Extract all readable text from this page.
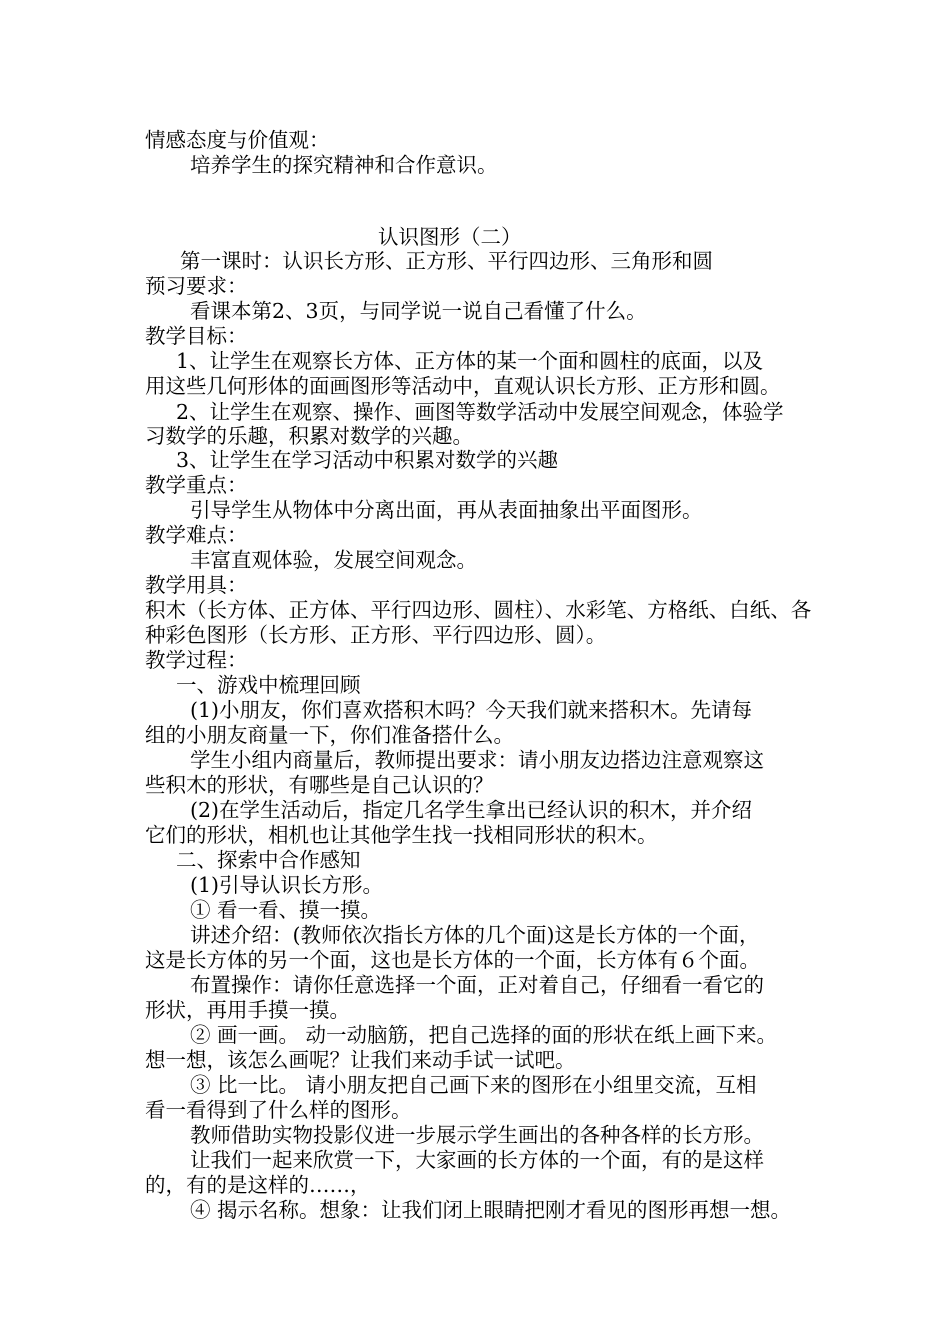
情感态度与价值观：
培养学生的探究精神和合作意识。
认识图形（二）
第一课时：认识长方形、正方形、平行四边形、三角形和圆
预习要求：
看课本第2、3页，与同学说一说自己看懂了什么。
教学目标：
1、让学生在观察长方体、正方体的某一个面和圆柱的底面，以及
用这些几何形体的面画图形等活动中，直观认识长方形、正方形和圆。
2、让学生在观察、操作、画图等数学活动中发展空间观念，体验学
习数学的乐趣，积累对数学的兴趣。
3、让学生在学习活动中积累对数学的兴趣
教学重点：
引导学生从物体中分离出面，再从表面抽象出平面图形。
教学难点：
丰富直观体验，发展空间观念。
教学用具：
积木（长方体、正方体、平行四边形、圆柱）、水彩笔、方格纸、白纸、各
种彩色图形（长方形、正方形、平行四边形、圆）。
教学过程：
一、游戏中梳理回顾
(1)小朋友，你们喜欢搭积木吗？今天我们就来搭积木。先请每
组的小朋友商量一下，你们准备搭什么。
学生小组内商量后，教师提出要求：请小朋友边搭边注意观察这
些积木的形状，有哪些是自己认识的？
(2)在学生活动后，指定几名学生拿出已经认识的积木，并介绍
它们的形状，相机也让其他学生找一找相同形状的积木。
二、探索中合作感知
(1)引导认识长方形。
① 看一看、摸一摸。
讲述介绍：(教师依次指长方体的几个面)这是长方体的一个面，
这是长方体的另一个面，这也是长方体的一个面，长方体有６个面。
布置操作：请你任意选择一个面，正对着自己，仔细看一看它的
形状，再用手摸一摸。
② 画一画。 动一动脑筋，把自己选择的面的形状在纸上画下来。
想一想，该怎么画呢？让我们来动手试一试吧。
③ 比一比。 请小朋友把自己画下来的图形在小组里交流，互相
看一看得到了什么样的图形。
教师借助实物投影仪进一步展示学生画出的各种各样的长方形。
让我们一起来欣赏一下，大家画的长方体的一个面，有的是这样
的，有的是这样的……，
④ 揭示名称。想象：让我们闭上眼睛把刚才看见的图形再想一想。
